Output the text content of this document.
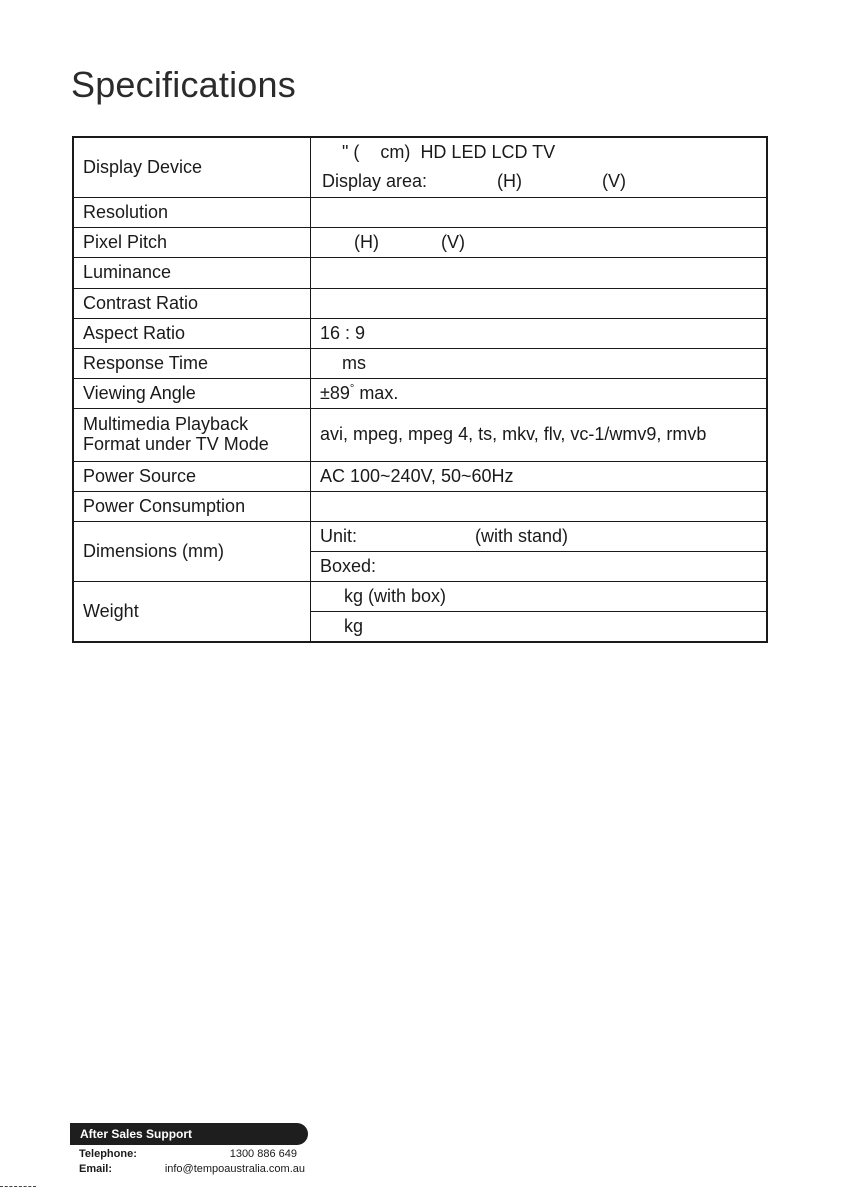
Specifications
Display Device	" ( cm) HD LED LCD TV
	Display area: (H) (V)
Resolution	
Pixel Pitch	(H) (V)
Luminance	
Contrast Ratio	
Aspect Ratio	16 : 9
Response Time	ms
Viewing Angle	±89° max.

Multimedia Playback
Format under TV Mode	avi, mpeg, mpeg 4, ts, mkv, flv, vc-1/wmv9, rmvb
Power Source	AC 100~240V, 50~60Hz
Power Consumption	
Dimensions (mm)	Unit: (with stand)
	Boxed:
Weight	kg (with box)
	kg
After Sales Support
Telephone:	1300 886 649
Email:	info@tempoaustralia.com.au
